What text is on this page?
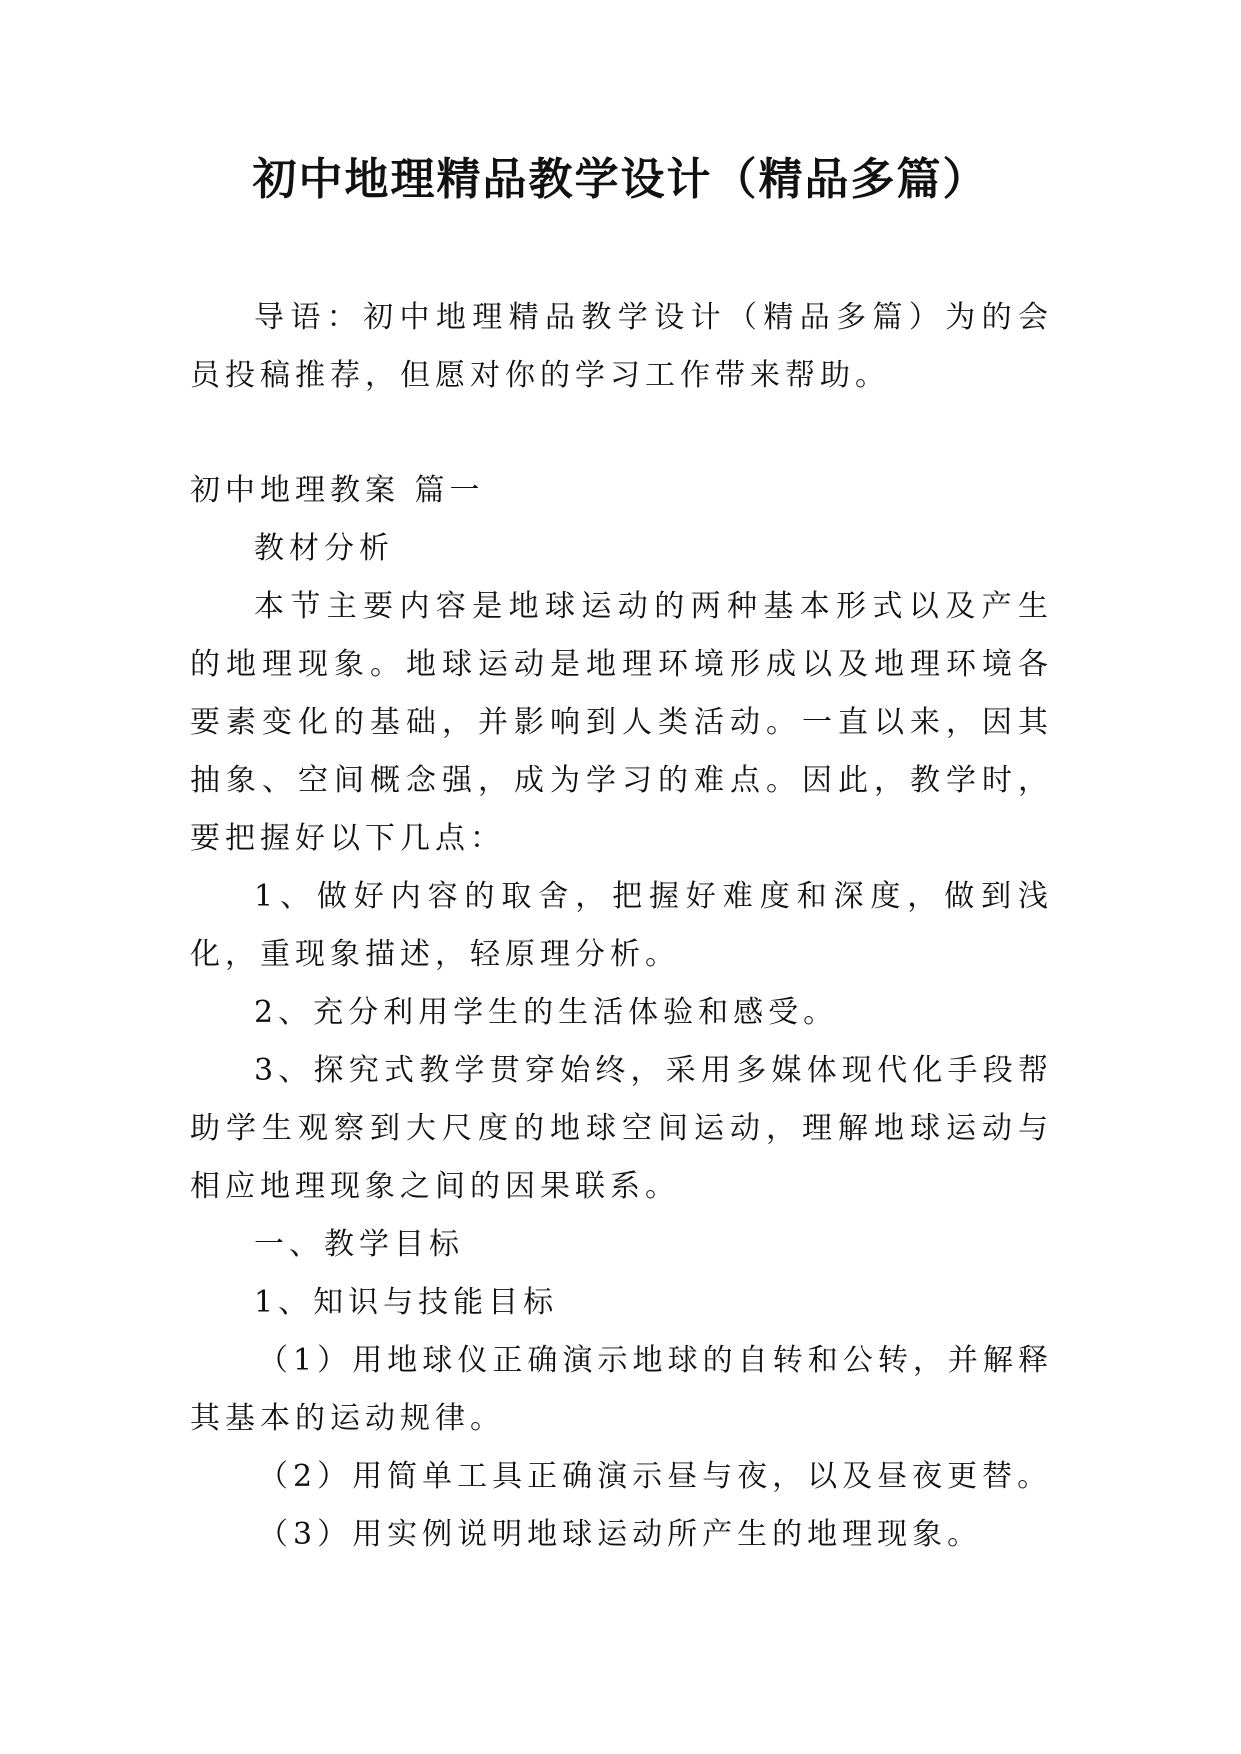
初中地理精品教学设计（精品多篇）

导语：初中地理精品教学设计（精品多篇）为的会员投稿推荐，但愿对你的学习工作带来帮助。

初中地理教案 篇一

教材分析

本节主要内容是地球运动的两种基本形式以及产生的地理现象。地球运动是地理环境形成以及地理环境各要素变化的基础，并影响到人类活动。一直以来，因其抽象、空间概念强，成为学习的难点。因此，教学时，要把握好以下几点：

1、做好内容的取舍，把握好难度和深度，做到浅化，重现象描述，轻原理分析。

2、充分利用学生的生活体验和感受。

3、探究式教学贯穿始终，采用多媒体现代化手段帮助学生观察到大尺度的地球空间运动，理解地球运动与相应地理现象之间的因果联系。

一、教学目标

1、知识与技能目标

（1）用地球仪正确演示地球的自转和公转，并解释其基本的运动规律。

（2）用简单工具正确演示昼与夜，以及昼夜更替。

（3）用实例说明地球运动所产生的地理现象。
